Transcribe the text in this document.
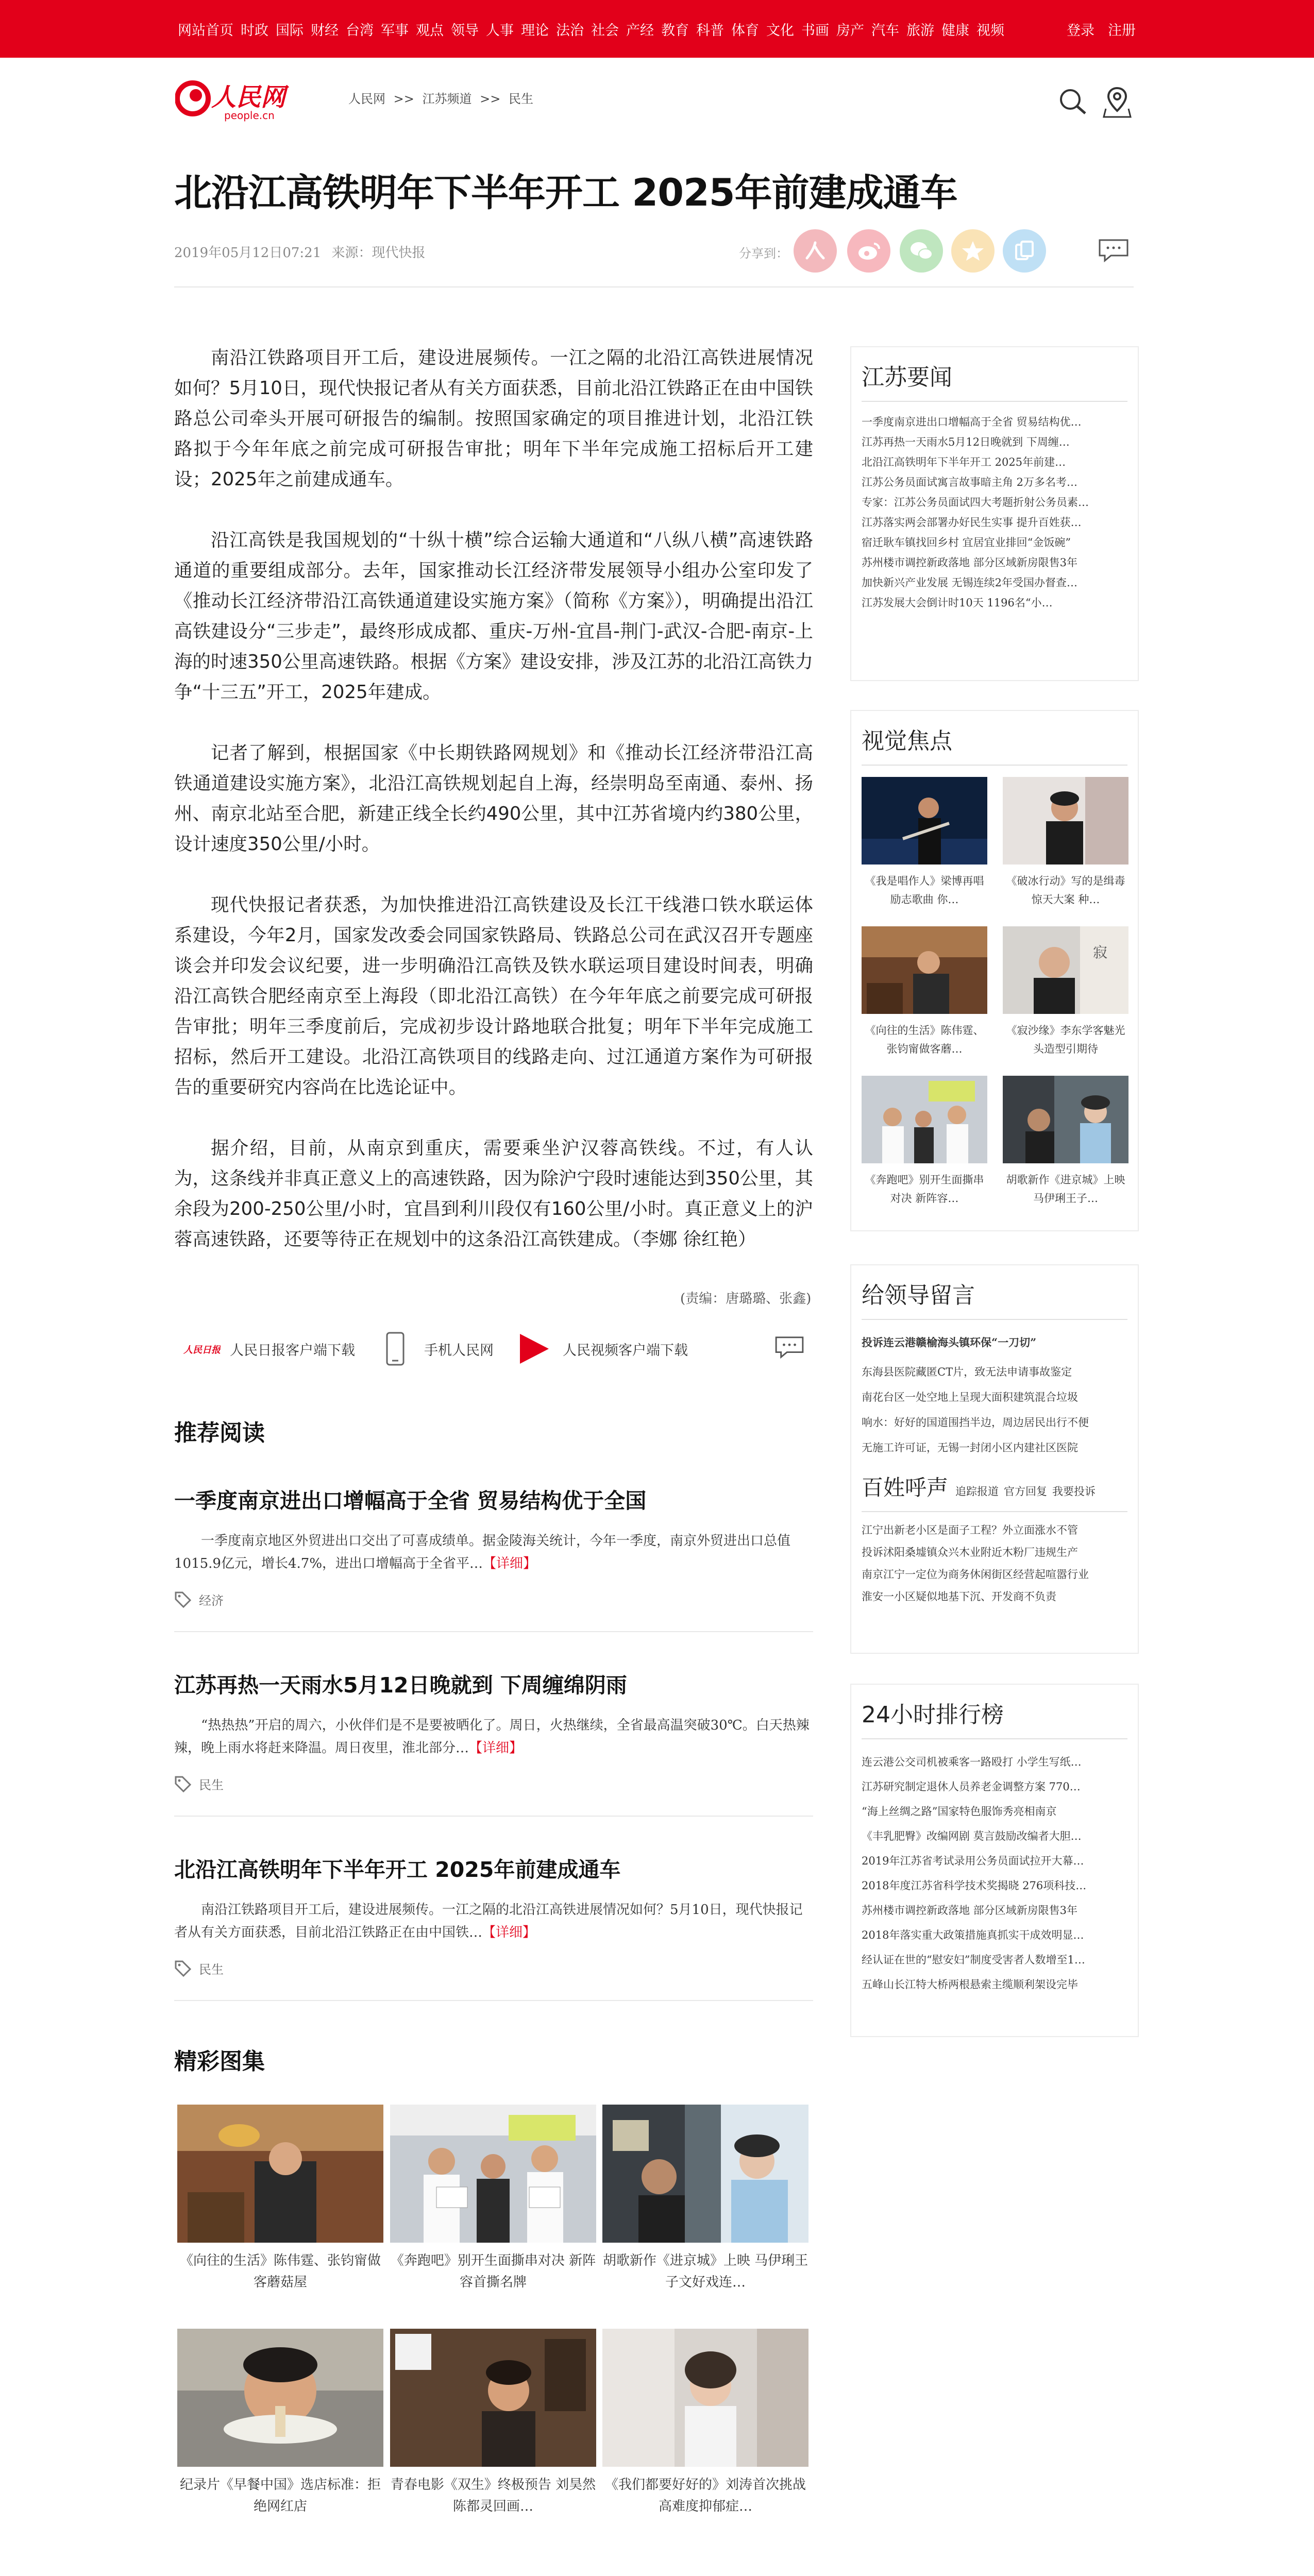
网站首页 时政 国际 财经 台湾 军事 观点 领导 人事 理论 法治 社会 产经 教育 科普 体育 文化 书画 房产 汽车 旅游 健康 视频	登录 注册
人民网
people.cn
人民网 >> 江苏频道 >> 民生
北沿江高铁明年下半年开工 2025年前建成通车
2019年05月12日07:21 来源：现代快报	分享到：

南沿江铁路项目开工后，建设进展频传。一江之隔的北沿江高铁进展情况如何？5月10日，现代快报记者从有关方面获悉，目前北沿江铁路正在由中国铁路总公司牵头开展可研报告的编制。按照国家确定的项目推进计划，北沿江铁路拟于今年年底之前完成可研报告审批；明年下半年完成施工招标后开工建设；2025年之前建成通车。

沿江高铁是我国规划的“十纵十横”综合运输大通道和“八纵八横”高速铁路通道的重要组成部分。去年，国家推动长江经济带发展领导小组办公室印发了《推动长江经济带沿江高铁通道建设实施方案》（简称《方案》），明确提出沿江高铁建设分“三步走”，最终形成成都、重庆-万州-宜昌-荆门-武汉-合肥-南京-上海的时速350公里高速铁路。根据《方案》建设安排，涉及江苏的北沿江高铁力争“十三五”开工，2025年建成。

记者了解到，根据国家《中长期铁路网规划》和《推动长江经济带沿江高铁通道建设实施方案》，北沿江高铁规划起自上海，经崇明岛至南通、泰州、扬州、南京北站至合肥，新建正线全长约490公里，其中江苏省境内约380公里，设计速度350公里/小时。

现代快报记者获悉，为加快推进沿江高铁建设及长江干线港口铁水联运体系建设，今年2月，国家发改委会同国家铁路局、铁路总公司在武汉召开专题座谈会并印发会议纪要，进一步明确沿江高铁及铁水联运项目建设时间表，明确沿江高铁合肥经南京至上海段（即北沿江高铁）在今年年底之前要完成可研报告审批；明年三季度前后，完成初步设计路地联合批复；明年下半年完成施工招标，然后开工建设。北沿江高铁项目的线路走向、过江通道方案作为可研报告的重要研究内容尚在比选论证中。

据介绍，目前，从南京到重庆，需要乘坐沪汉蓉高铁线。不过，有人认为，这条线并非真正意义上的高速铁路，因为除沪宁段时速能达到350公里，其余段为200-250公里/小时，宜昌到利川段仅有160公里/小时。真正意义上的沪蓉高速铁路，还要等待正在规划中的这条沿江高铁建成。（李娜 徐红艳）

(责编：唐璐璐、张鑫)
人民日报 人民日报客户端下载	手机人民网	人民视频客户端下载
推荐阅读
一季度南京进出口增幅高于全省 贸易结构优于全国
一季度南京地区外贸进出口交出了可喜成绩单。据金陵海关统计，今年一季度，南京外贸进出口总值1015.9亿元，增长4.7%，进出口增幅高于全省平…【详细】
经济
江苏再热一天雨水5月12日晚就到 下周缠绵阴雨
“热热热”开启的周六，小伙伴们是不是要被晒化了。周日，火热继续，全省最高温突破30℃。白天热辣辣，晚上雨水将赶来降温。周日夜里，淮北部分…【详细】
民生
北沿江高铁明年下半年开工 2025年前建成通车
南沿江铁路项目开工后，建设进展频传。一江之隔的北沿江高铁进展情况如何？5月10日，现代快报记者从有关方面获悉，目前北沿江铁路正在由中国铁…【详细】
民生
精彩图集
《向往的生活》陈伟霆、张钧甯做客蘑菇屋
《奔跑吧》别开生面撕串对决 新阵容首撕名牌
胡歌新作《进京城》上映 马伊琍王子文好戏连…
纪录片《早餐中国》选店标准：拒绝网红店
青春电影《双生》终极预告 刘昊然陈都灵回画…
《我们都要好好的》刘涛首次挑战高难度抑郁症…
江苏要闻
一季度南京进出口增幅高于全省 贸易结构优…
江苏再热一天雨水5月12日晚就到 下周缠…
北沿江高铁明年下半年开工 2025年前建…
江苏公务员面试寓言故事暗主角 2万多名考…
专家：江苏公务员面试四大考题折射公务员素…
江苏落实两会部署办好民生实事 提升百姓获…
宿迁耿车镇找回乡村 宜居宜业排回“金饭碗”
苏州楼市调控新政落地 部分区域新房限售3年
加快新兴产业发展 无锡连续2年受国办督查…
江苏发展大会倒计时10天 1196名“小…
视觉焦点
《我是唱作人》梁博再唱励志歌曲 你…
《破冰行动》写的是缉毒惊天大案 种…
《向往的生活》陈伟霆、张钧甯做客蘑…
寂
《寂沙缘》李东学客魅光头造型引期待
《奔跑吧》别开生面撕串对决 新阵容…
胡歌新作《进京城》上映 马伊琍王子…
给领导留言
投诉连云港赣榆海头镇环保“一刀切”
东海县医院藏匿CT片，致无法申请事故鉴定
南花台区一处空地上呈现大面积建筑混合垃圾
响水：好好的国道围挡半边，周边居民出行不便
无施工许可证，无锡一封闭小区内建社区医院
百姓呼声 追踪报道 官方回复 我要投诉
江宁出新老小区是面子工程？外立面涨水不管
投诉沭阳桑墟镇众兴木业附近木粉厂违规生产
南京江宁一定位为商务休闲街区经营起喧嚣行业
淮安一小区疑似地基下沉、开发商不负责
24小时排行榜
连云港公交司机被乘客一路殴打 小学生写纸…
江苏研究制定退休人员养老金调整方案 770…
“海上丝绸之路”国家特色服饰秀亮相南京
《丰乳肥臀》改编网剧 莫言鼓励改编者大胆…
2019年江苏省考试录用公务员面试拉开大幕…
2018年度江苏省科学技术奖揭晓 276项科技…
苏州楼市调控新政落地 部分区域新房限售3年
2018年落实重大政策措施真抓实干成效明显…
经认证在世的“慰安妇”制度受害者人数增至1…
五峰山长江特大桥两根悬索主缆顺利架设完毕
